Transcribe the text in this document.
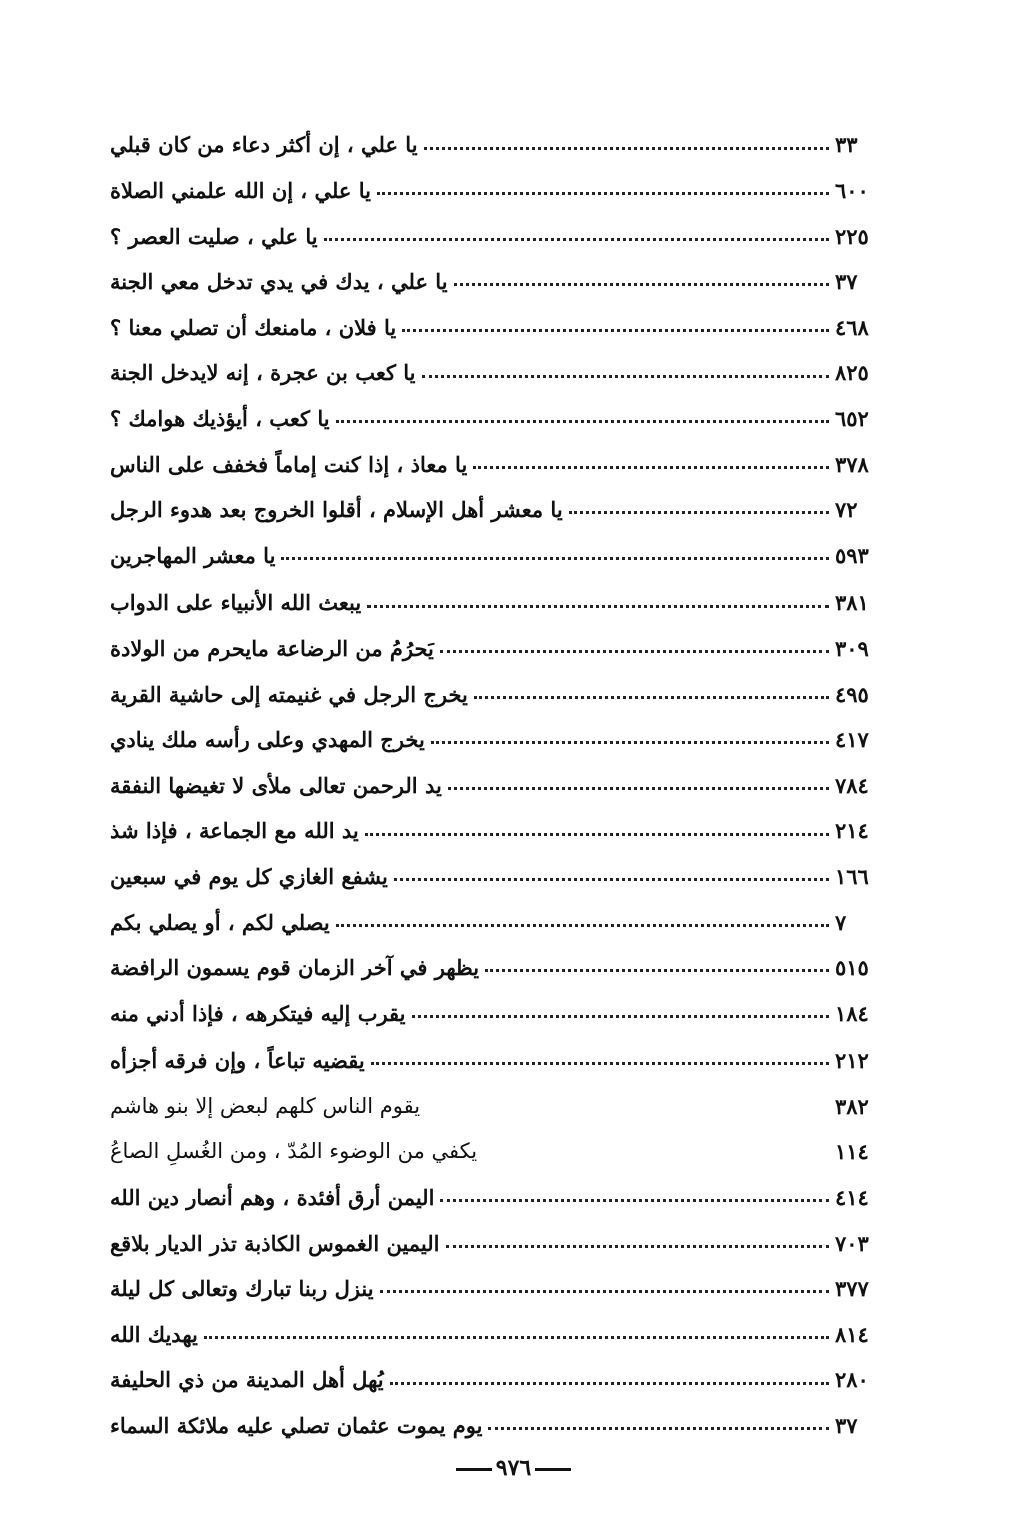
يا علي ، إن أكثر دعاء من كان قبلي	٣٣
يا علي ، إن الله علمني الصلاة	٦٠٠
يا علي ، صليت العصر ؟	٢٢٥
يا علي ، يدك في يدي تدخل معي الجنة	٣٧
يا فلان ، مامنعك أن تصلي معنا ؟	٤٦٨
يا كعب بن عجرة ، إنه لايدخل الجنة	٨٢٥
يا كعب ، أيؤذيك هوامك ؟	٦٥٢
يا معاذ ، إذا كنت إماماً فخفف على الناس	٣٧٨
يا معشر أهل الإسلام ، أقلوا الخروج بعد هدوء الرجل	٧٢
يا معشر المهاجرين	٥٩٣
يبعث الله الأنبياء على الدواب	٣٨١
يَحرُمُ من الرضاعة مايحرم من الولادة	٣٠٩
يخرج الرجل في غنيمته إلى حاشية القرية	٤٩٥
يخرج المهدي وعلى رأسه ملك ينادي	٤١٧
يد الرحمن تعالى ملأى لا تغيضها النفقة	٧٨٤
يد الله مع الجماعة ، فإذا شذ	٢١٤
يشفع الغازي كل يوم في سبعين	١٦٦
يصلي لكم ، أو يصلي بكم	٧
يظهر في آخر الزمان قوم يسمون الرافضة	٥١٥
يقرب إليه فيتكرهه ، فإذا أدني منه	١٨٤
يقضيه تباعاً ، وإن فرقه أجزأه	٢١٢
يقوم الناس كلهم لبعض إلا بنو هاشم	٣٨٢
يكفي من الوضوء المُدّ ، ومن الغُسلِ الصاعُ	١١٤
اليمن أرق أفئدة ، وهم أنصار دين الله	٤١٤
اليمين الغموس الكاذبة تذر الديار بلاقع	٧٠٣
ينزل ربنا تبارك وتعالى كل ليلة	٣٧٧
يهديك الله	٨١٤
يُهل أهل المدينة من ذي الحليفة	٢٨٠
يوم يموت عثمان تصلي عليه ملائكة السماء	٣٧
٩٧٦
